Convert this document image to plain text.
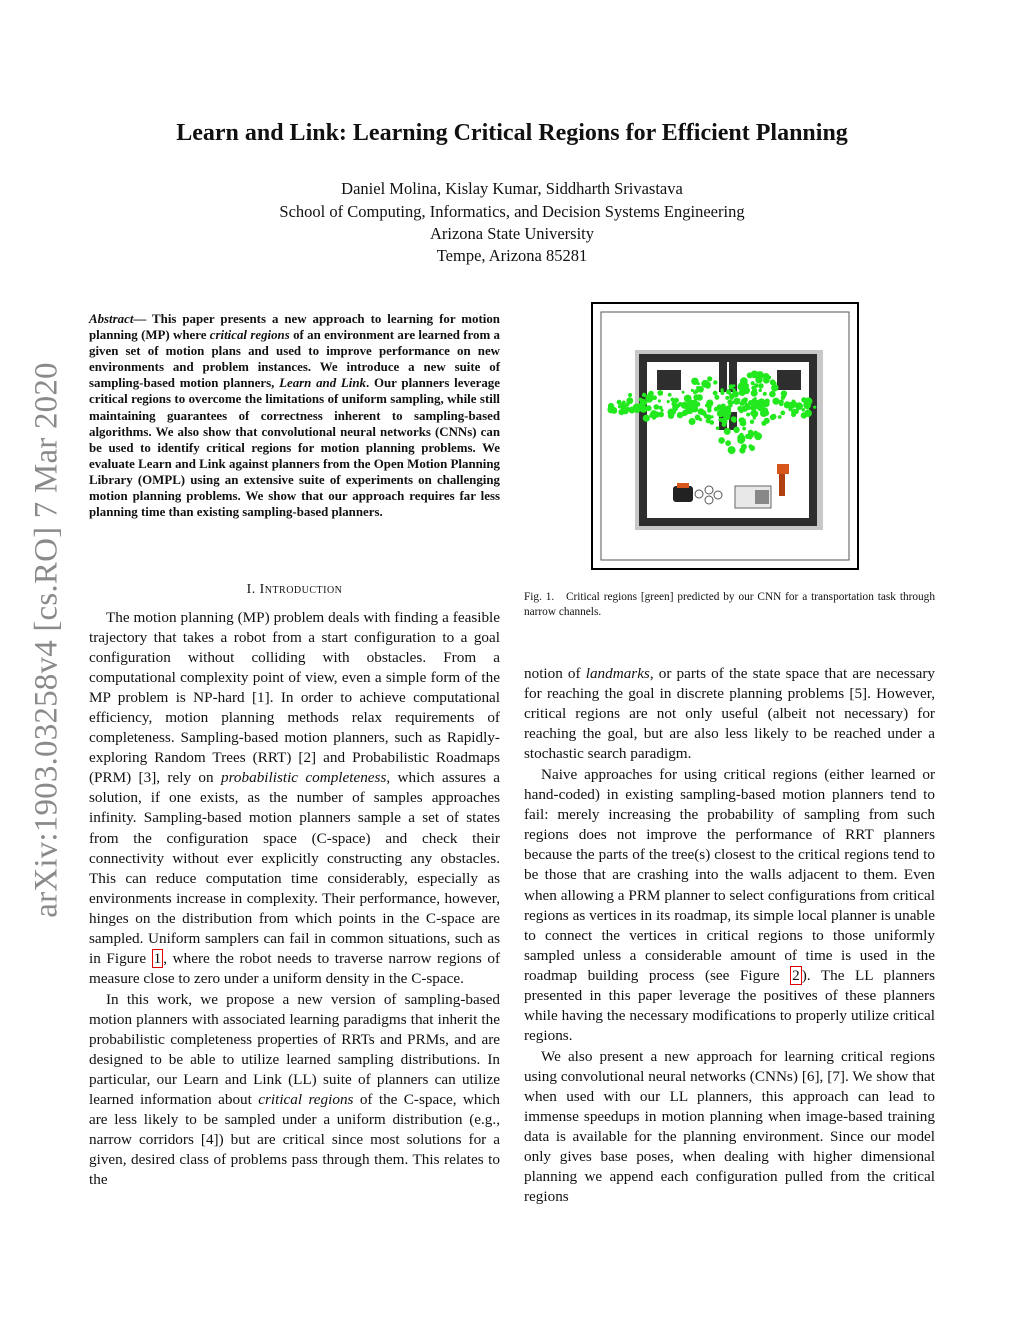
Learn and Link: Learning Critical Regions for Efficient Planning
Daniel Molina, Kislay Kumar, Siddharth Srivastava
School of Computing, Informatics, and Decision Systems Engineering
Arizona State University
Tempe, Arizona 85281
arXiv:1903.03258v4 [cs.RO] 7 Mar 2020
Abstract— This paper presents a new approach to learning for motion planning (MP) where critical regions of an environment are learned from a given set of motion plans and used to improve performance on new environments and problem instances. We introduce a new suite of sampling-based motion planners, Learn and Link. Our planners leverage critical regions to overcome the limitations of uniform sampling, while still maintaining guarantees of correctness inherent to sampling-based algorithms. We also show that convolutional neural networks (CNNs) can be used to identify critical regions for motion planning problems. We evaluate Learn and Link against planners from the Open Motion Planning Library (OMPL) using an extensive suite of experiments on challenging motion planning problems. We show that our approach requires far less planning time than existing sampling-based planners.
I. Introduction

The motion planning (MP) problem deals with finding a feasible trajectory that takes a robot from a start configuration to a goal configuration without colliding with obstacles. From a computational complexity point of view, even a simple form of the MP problem is NP-hard [1]. In order to achieve computational efficiency, motion planning methods relax requirements of completeness. Sampling-based motion planners, such as Rapidly-exploring Random Trees (RRT) [2] and Probabilistic Roadmaps (PRM) [3], rely on probabilistic completeness, which assures a solution, if one exists, as the number of samples approaches infinity. Sampling-based motion planners sample a set of states from the configuration space (C-space) and check their connectivity without ever explicitly constructing any obstacles. This can reduce computation time considerably, especially as environments increase in complexity. Their performance, however, hinges on the distribution from which points in the C-space are sampled. Uniform samplers can fail in common situations, such as in Figure 1 , where the robot needs to traverse narrow regions of measure close to zero under a uniform density in the C-space.

In this work, we propose a new version of sampling-based motion planners with associated learning paradigms that inherit the probabilistic completeness properties of RRTs and PRMs, and are designed to be able to utilize learned sampling distributions. In particular, our Learn and Link (LL) suite of planners can utilize learned information about critical regions of the C-space, which are less likely to be sampled under a uniform distribution (e.g., narrow corridors [4]) but are critical since most solutions for a given, desired class of problems pass through them. This relates to the

Fig. 1. Critical regions [green] predicted by our CNN for a transportation task through narrow channels.

notion of landmarks, or parts of the state space that are necessary for reaching the goal in discrete planning problems [5]. However, critical regions are not only useful (albeit not necessary) for reaching the goal, but are also less likely to be reached under a stochastic search paradigm.

Naive approaches for using critical regions (either learned or hand-coded) in existing sampling-based motion planners tend to fail: merely increasing the probability of sampling from such regions does not improve the performance of RRT planners because the parts of the tree(s) closest to the critical regions tend to be those that are crashing into the walls adjacent to them. Even when allowing a PRM planner to select configurations from critical regions as vertices in its roadmap, its simple local planner is unable to connect the vertices in critical regions to those uniformly sampled unless a considerable amount of time is used in the roadmap building process (see Figure 2 ). The LL planners presented in this paper leverage the positives of these planners while having the necessary modifications to properly utilize critical regions.

We also present a new approach for learning critical regions using convolutional neural networks (CNNs) [6], [7]. We show that when used with our LL planners, this approach can lead to immense speedups in motion planning when image-based training data is available for the planning environment. Since our model only gives base poses, when dealing with higher dimensional planning we append each configuration pulled from the critical regions
